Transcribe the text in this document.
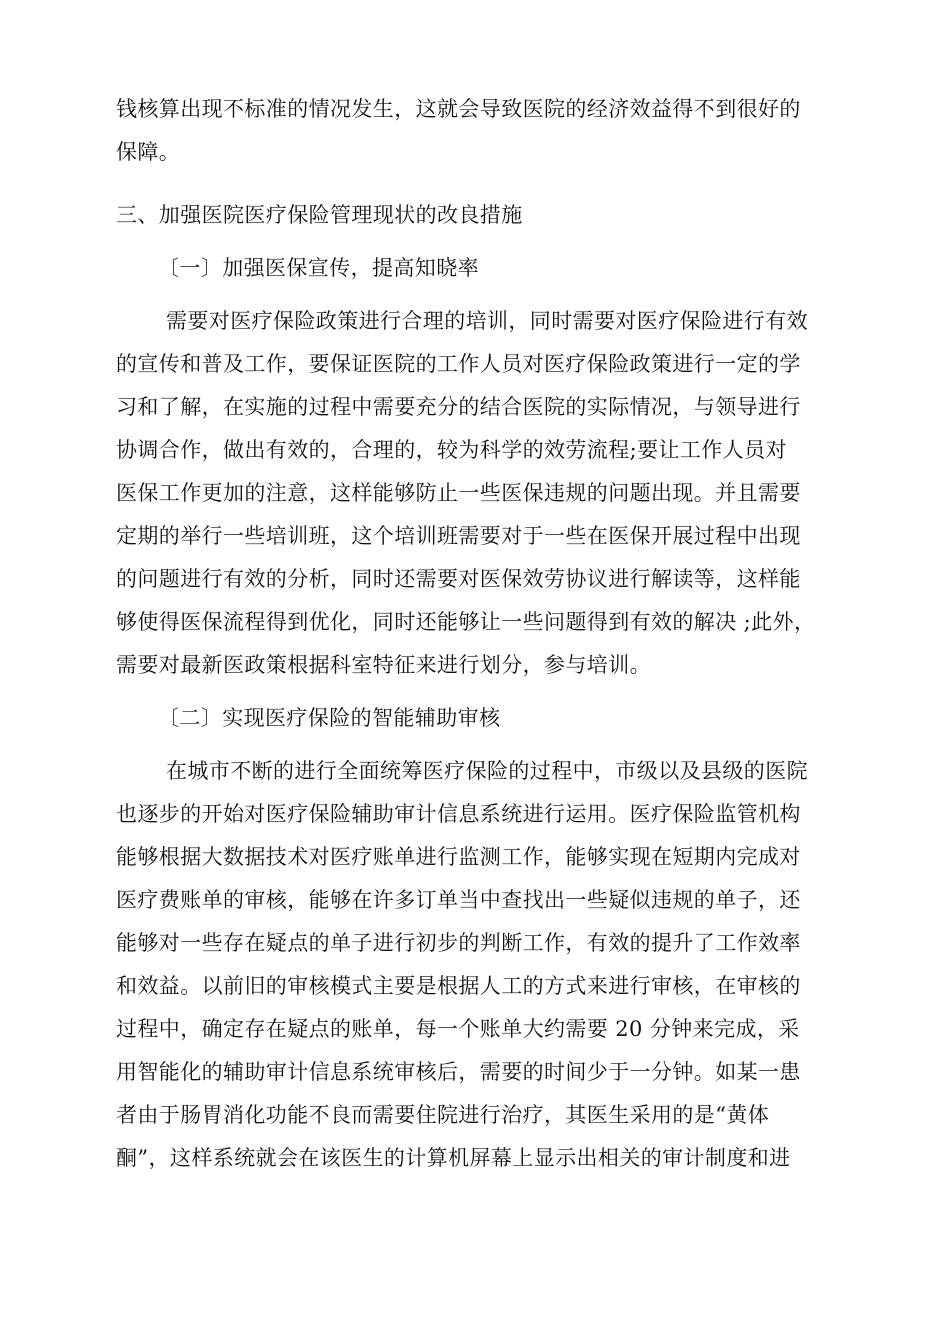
钱核算出现不标准的情况发生，这就会导致医院的经济效益得不到很好的
保障。
三、加强医院医疗保险管理现状的改良措施
〔一〕加强医保宣传，提高知晓率
需要对医疗保险政策进行合理的培训，同时需要对医疗保险进行有效
的宣传和普及工作，要保证医院的工作人员对医疗保险政策进行一定的学
习和了解，在实施的过程中需要充分的结合医院的实际情况，与领导进行
协调合作，做出有效的，合理的，较为科学的效劳流程;要让工作人员对
医保工作更加的注意，这样能够防止一些医保违规的问题出现。并且需要
定期的举行一些培训班，这个培训班需要对于一些在医保开展过程中出现
的问题进行有效的分析，同时还需要对医保效劳协议进行解读等，这样能
够使得医保流程得到优化，同时还能够让一些问题得到有效的解决 ;此外，
需要对最新医政策根据科室特征来进行划分，参与培训。
〔二〕实现医疗保险的智能辅助审核
在城市不断的进行全面统筹医疗保险的过程中，市级以及县级的医院
也逐步的开始对医疗保险辅助审计信息系统进行运用。医疗保险监管机构
能够根据大数据技术对医疗账单进行监测工作，能够实现在短期内完成对
医疗费账单的审核，能够在许多订单当中查找出一些疑似违规的单子，还
能够对一些存在疑点的单子进行初步的判断工作，有效的提升了工作效率
和效益。以前旧的审核模式主要是根据人工的方式来进行审核，在审核的
过程中，确定存在疑点的账单，每一个账单大约需要 20 分钟来完成，采
用智能化的辅助审计信息系统审核后，需要的时间少于一分钟。如某一患
者由于肠胃消化功能不良而需要住院进行治疗，其医生采用的是“黄体
酮”，这样系统就会在该医生的计算机屏幕上显示出相关的审计制度和进
